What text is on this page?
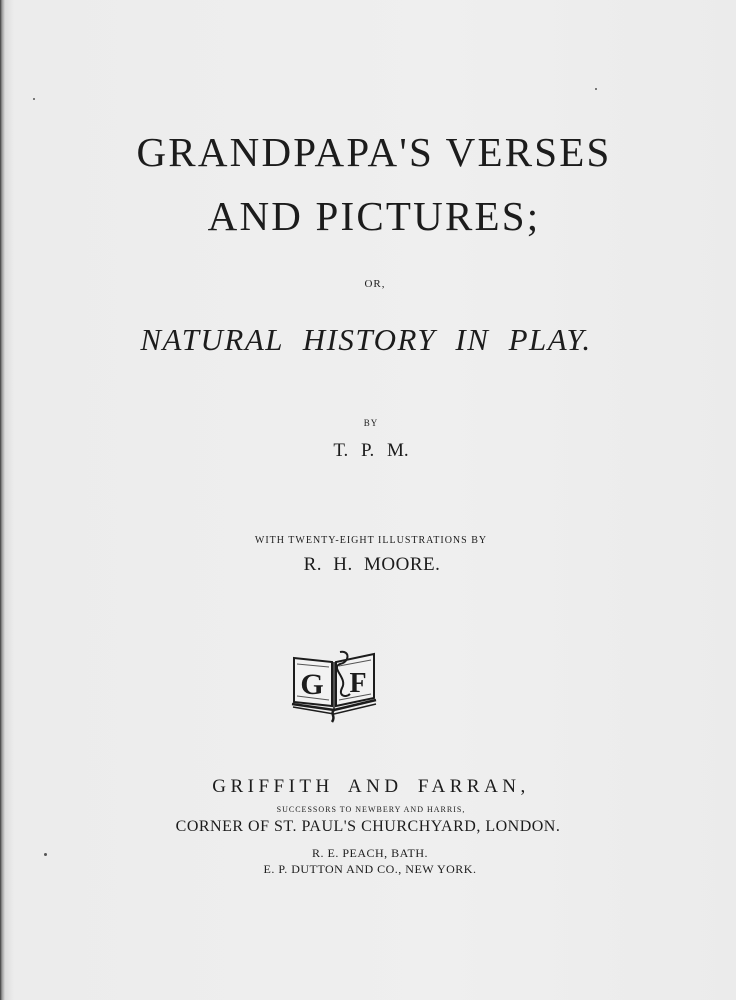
GRANDPAPA'S VERSES
AND PICTURES;
OR,
NATURAL HISTORY IN PLAY.
BY
T. P. M.
WITH TWENTY-EIGHT ILLUSTRATIONS BY
R. H. MOORE.
G F
GRIFFITH AND FARRAN,
SUCCESSORS TO NEWBERY AND HARRIS,
CORNER OF ST. PAUL'S CHURCHYARD, LONDON.
R. E. PEACH, BATH.
E. P. DUTTON AND CO., NEW YORK.
